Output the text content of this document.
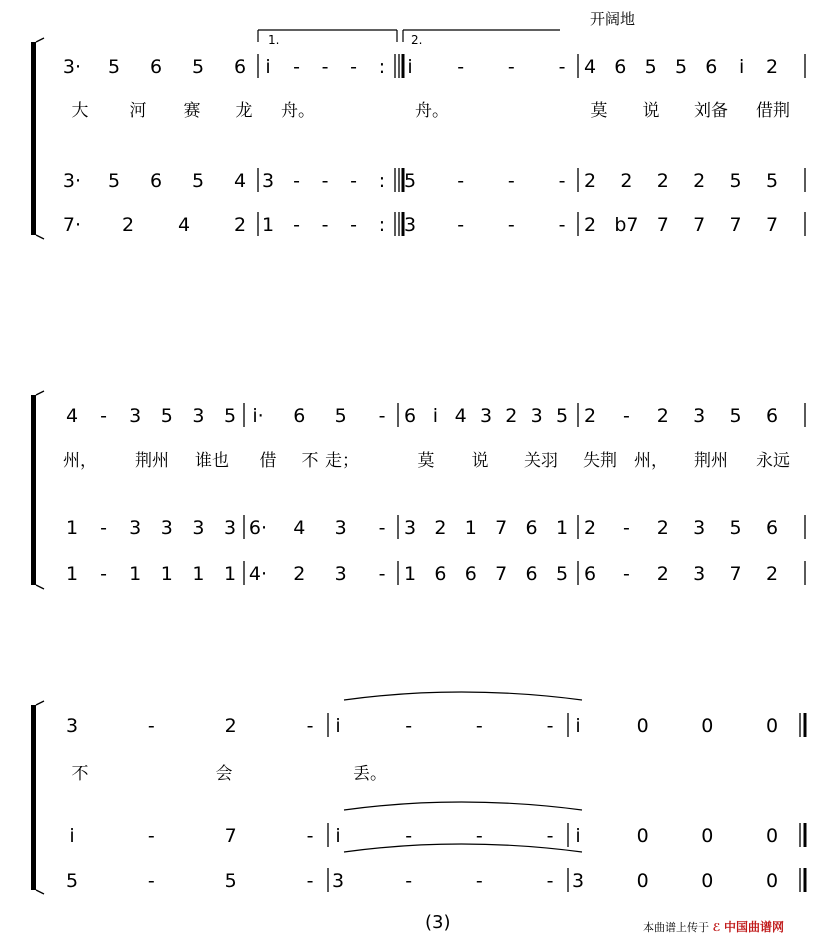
3· 5 6 5 6 i - - - : i - - - 4 6 5 5 6 i 2
3· 5 6 5 4 3 - - - : 5 - - - 2 2 2 2 5 5
7· 2 4 2 1 - - - : 3 - - - 2 b7 7 7 7 7
大 河 赛 龙 舟。	舟。	莫 说 刘备 借荆
4 - 3 5 3 5 i· 6 5 - 6 i 4 3 2 3 5 2 - 2 3 5 6
1 - 3 3 3 3 6· 4 3 - 3 2 1 7 6 1 2 - 2 3 5 6
1 - 1 1 1 1 4· 2 3 - 1 6 6 7 6 5 6 - 2 3 7 2
州， 荆州 谁也 借 不 走；	莫 说 关羽 失荆 州， 荆州 永远
3	-	2	- i	-	-	- i	0	0	0
i	-	7	- i	-	-	- i	0	0	0
5	-	5	- 3	-	-	- 3	0	0	0
不	会	丢。
1.	2.
开阔地
(3)	本曲谱上传于 ℰ 中国曲谱网
